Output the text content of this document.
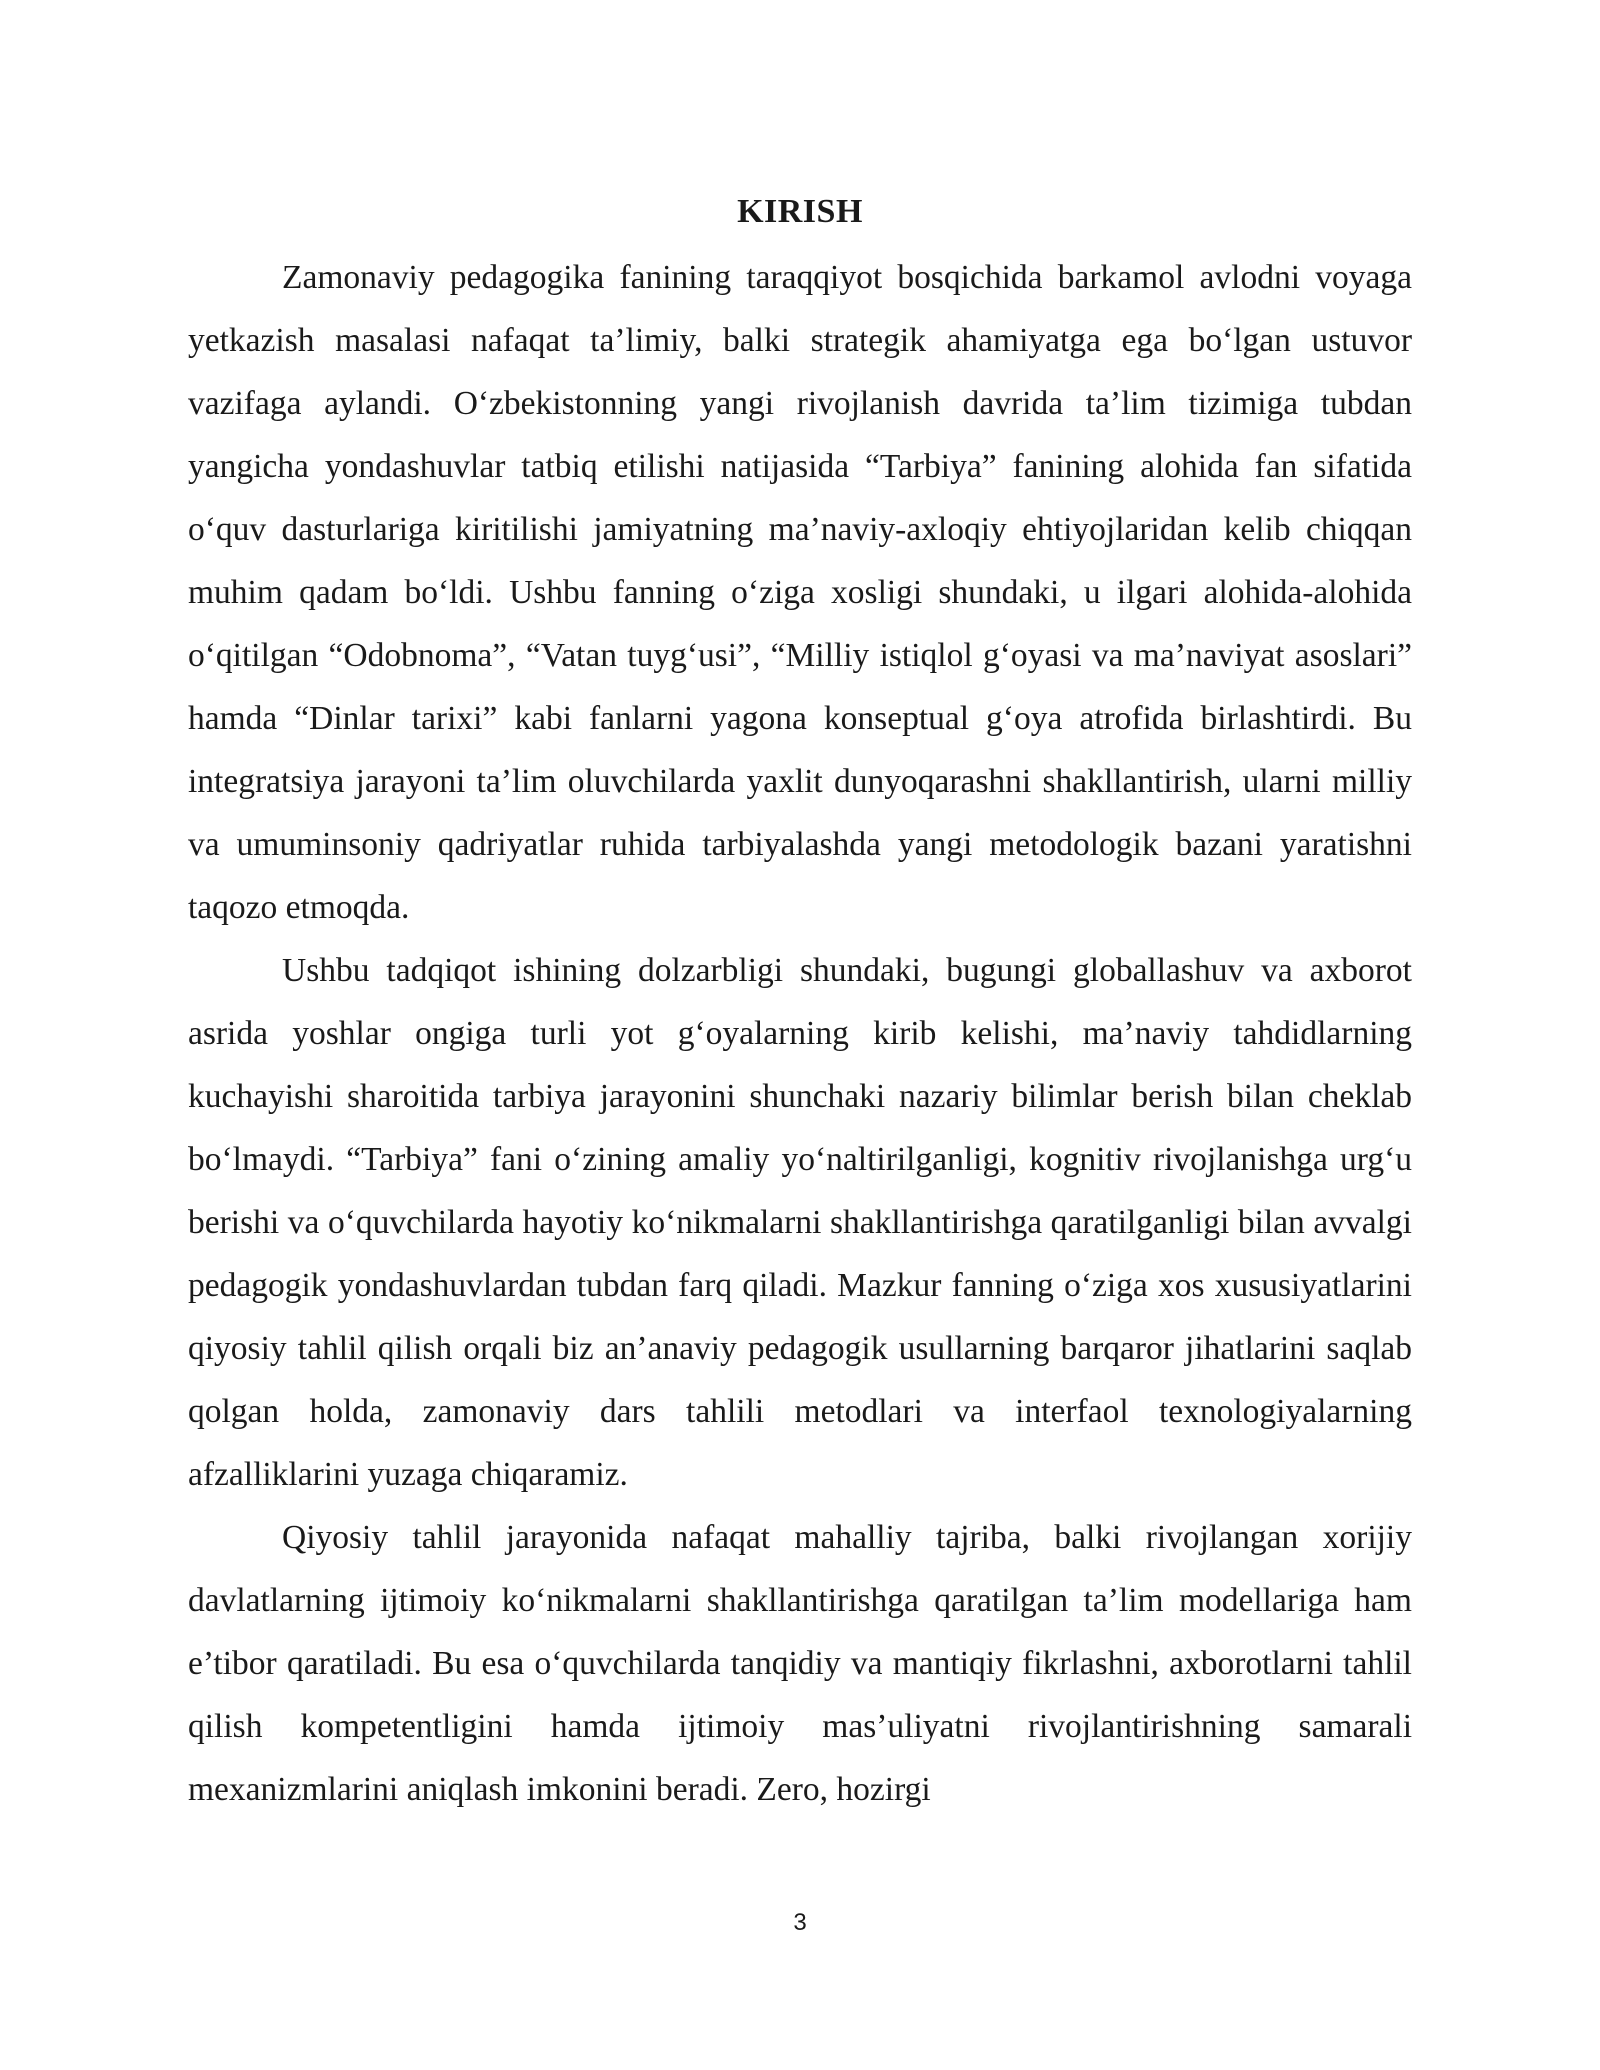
KIRISH

Zamonaviy pedagogika fanining taraqqiyot bosqichida barkamol avlodni voyaga yetkazish masalasi nafaqat ta’limiy, balki strategik ahamiyatga ega bo‘lgan ustuvor vazifaga aylandi. O‘zbekistonning yangi rivojlanish davrida ta’lim tizimiga tubdan yangicha yondashuvlar tatbiq etilishi natijasida “Tarbiya” fanining alohida fan sifatida o‘quv dasturlariga kiritilishi jamiyatning ma’naviy-axloqiy ehtiyojlaridan kelib chiqqan muhim qadam bo‘ldi. Ushbu fanning o‘ziga xosligi shundaki, u ilgari alohida-alohida o‘qitilgan “Odobnoma”, “Vatan tuyg‘usi”, “Milliy istiqlol g‘oyasi va ma’naviyat asoslari” hamda “Dinlar tarixi” kabi fanlarni yagona konseptual g‘oya atrofida birlashtirdi. Bu integratsiya jarayoni ta’lim oluvchilarda yaxlit dunyoqarashni shakllantirish, ularni milliy va umuminsoniy qadriyatlar ruhida tarbiyalashda yangi metodologik bazani yaratishni taqozo etmoqda.

Ushbu tadqiqot ishining dolzarbligi shundaki, bugungi globallashuv va axborot asrida yoshlar ongiga turli yot g‘oyalarning kirib kelishi, ma’naviy tahdidlarning kuchayishi sharoitida tarbiya jarayonini shunchaki nazariy bilimlar berish bilan cheklab bo‘lmaydi. “Tarbiya” fani o‘zining amaliy yo‘naltirilganligi, kognitiv rivojlanishga urg‘u berishi va o‘quvchilarda hayotiy ko‘nikmalarni shakllantirishga qaratilganligi bilan avvalgi pedagogik yondashuvlardan tubdan farq qiladi. Mazkur fanning o‘ziga xos xususiyatlarini qiyosiy tahlil qilish orqali biz an’anaviy pedagogik usullarning barqaror jihatlarini saqlab qolgan holda, zamonaviy dars tahlili metodlari va interfaol texnologiyalarning afzalliklarini yuzaga chiqaramiz.

Qiyosiy tahlil jarayonida nafaqat mahalliy tajriba, balki rivojlangan xorijiy davlatlarning ijtimoiy ko‘nikmalarni shakllantirishga qaratilgan ta’lim modellariga ham e’tibor qaratiladi. Bu esa o‘quvchilarda tanqidiy va mantiqiy fikrlashni, axborotlarni tahlil qilish kompetentligini hamda ijtimoiy mas’uliyatni rivojlantirishning samarali mexanizmlarini aniqlash imkonini beradi. Zero, hozirgi

3
